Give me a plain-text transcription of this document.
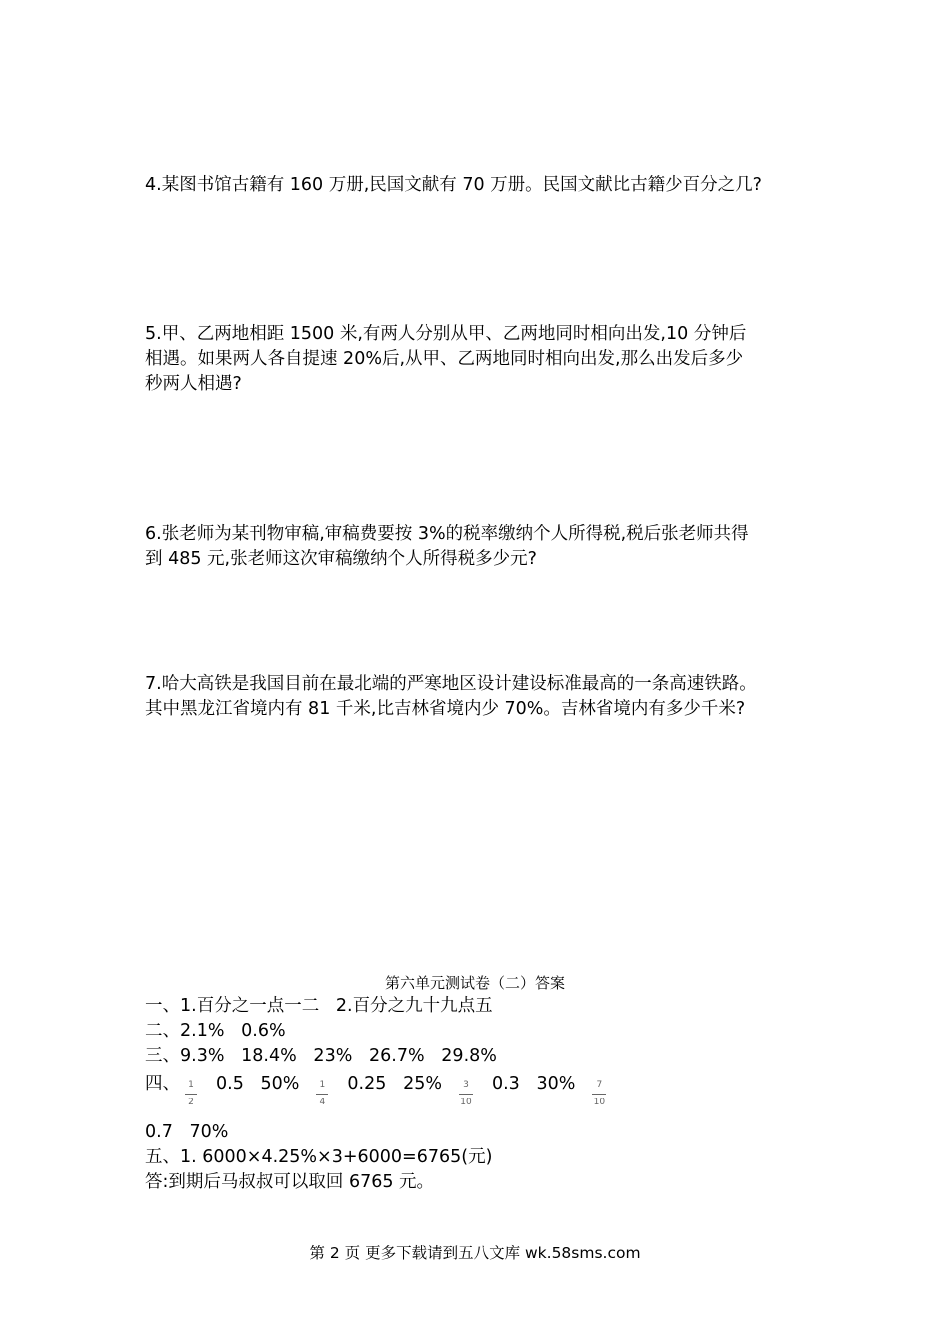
4.某图书馆古籍有 160 万册,民国文献有 70 万册。民国文献比古籍少百分之几?

5.甲、乙两地相距 1500 米,有两人分别从甲、乙两地同时相向出发,10 分钟后

相遇。如果两人各自提速 20%后,从甲、乙两地同时相向出发,那么出发后多少

秒两人相遇?

6.张老师为某刊物审稿,审稿费要按 3%的税率缴纳个人所得税,税后张老师共得

到 485 元,张老师这次审稿缴纳个人所得税多少元?

7.哈大高铁是我国目前在最北端的严寒地区设计建设标准最高的一条高速铁路。

其中黑龙江省境内有 81 千米,比吉林省境内少 70%。吉林省境内有多少千米?

第六单元测试卷（二）答案
一、1.百分之一点一二   2.百分之九十九点五
二、2.1%   0.6%
三、9.3%   18.4%   23%   26.7%   29.8%
四、 $\frac{1}{2} 0.5$   $50\% \frac{1}{4} 0.25$   $25\% \frac{3}{10} 0.3$   $30\% \frac{7}{10}$
0.7   70%
五、1. 6000×4.25%×3+6000=6765(元)
答:到期后马叔叔可以取回 6765 元。
第 2 页 更多下载请到五八文库 wk.58sms.com
